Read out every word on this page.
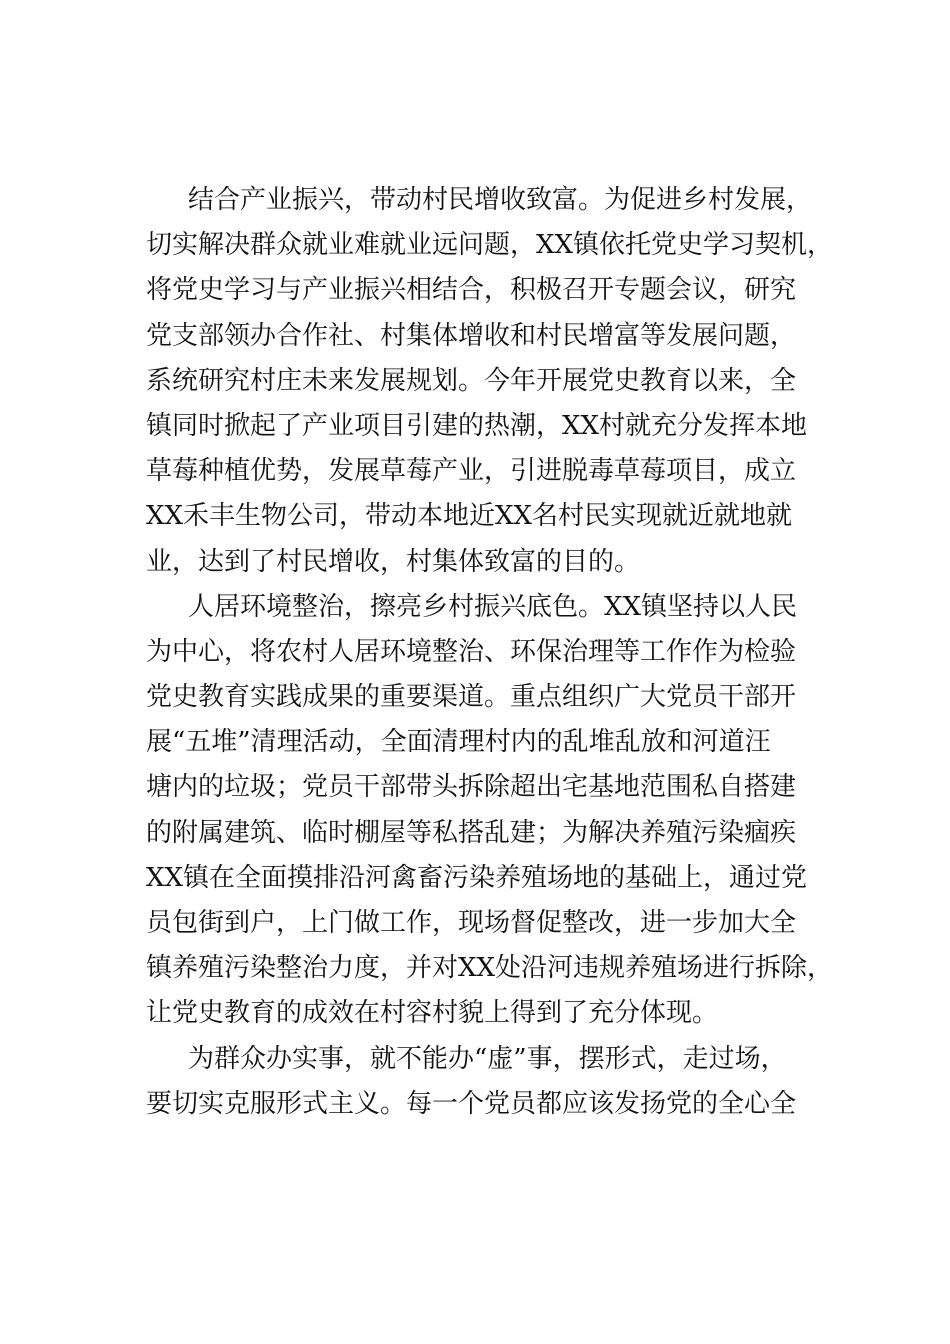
结合产业振兴，带动村民增收致富。为促进乡村发展，
切实解决群众就业难就业远问题，XX镇依托党史学习契机，
将党史学习与产业振兴相结合，积极召开专题会议，研究
党支部领办合作社、村集体增收和村民增富等发展问题，
系统研究村庄未来发展规划。今年开展党史教育以来，全
镇同时掀起了产业项目引建的热潮，XX村就充分发挥本地
草莓种植优势，发展草莓产业，引进脱毒草莓项目，成立
XX禾丰生物公司，带动本地近XX名村民实现就近就地就
业，达到了村民增收，村集体致富的目的。
人居环境整治，擦亮乡村振兴底色。XX镇坚持以人民
为中心，将农村人居环境整治、环保治理等工作作为检验
党史教育实践成果的重要渠道。重点组织广大党员干部开
展“五堆”清理活动，全面清理村内的乱堆乱放和河道汪
塘内的垃圾；党员干部带头拆除超出宅基地范围私自搭建
的附属建筑、临时棚屋等私搭乱建；为解决养殖污染痼疾
XX镇在全面摸排沿河禽畜污染养殖场地的基础上，通过党
员包街到户，上门做工作，现场督促整改，进一步加大全
镇养殖污染整治力度，并对XX处沿河违规养殖场进行拆除，
让党史教育的成效在村容村貌上得到了充分体现。
为群众办实事，就不能办“虚”事，摆形式，走过场，
要切实克服形式主义。每一个党员都应该发扬党的全心全
